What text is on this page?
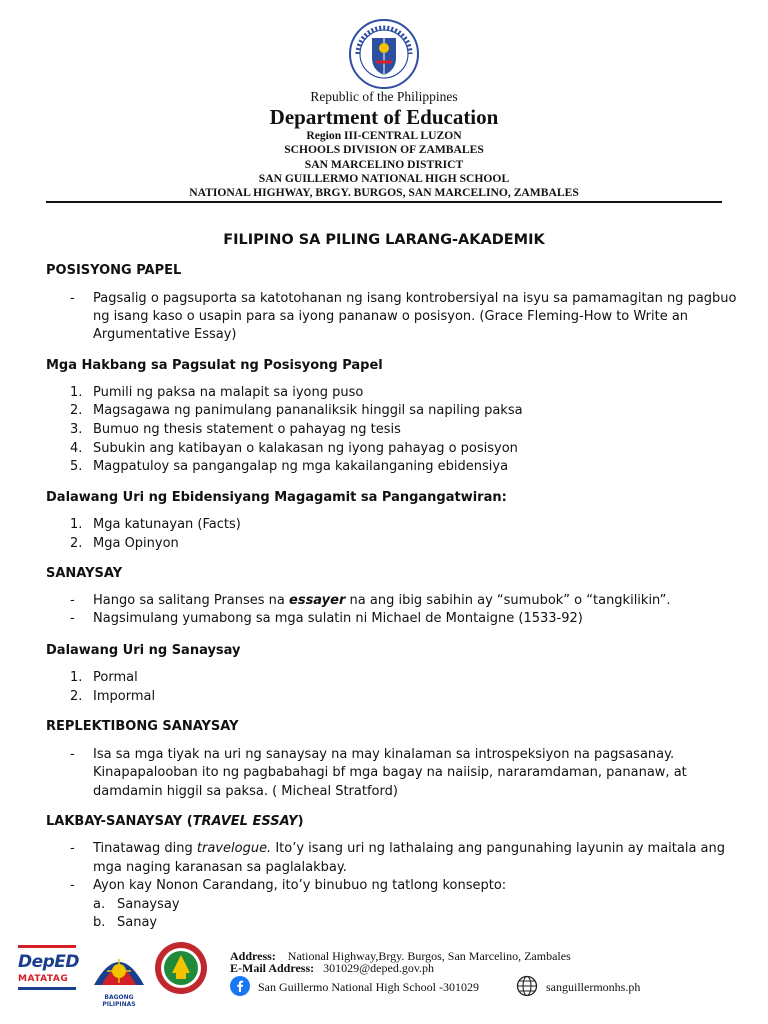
Republic of the Philippines
Department of Education
Region III-CENTRAL LUZON
SCHOOLS DIVISION OF ZAMBALES
SAN MARCELINO DISTRICT
SAN GUILLERMO NATIONAL HIGH SCHOOL
NATIONAL HIGHWAY, BRGY. BURGOS, SAN MARCELINO, ZAMBALES
FILIPINO SA PILING LARANG-AKADEMIK
POSISYONG PAPEL
- Pagsalig o pagsuporta sa katotohanan ng isang kontrobersiyal na isyu sa pamamagitan ng pagbuo
ng isang kaso o usapin para sa iyong pananaw o posisyon. (Grace Fleming-How to Write an
Argumentative Essay)
Mga Hakbang sa Pagsulat ng Posisyong Papel
1. Pumili ng paksa na malapit sa iyong puso
2. Magsagawa ng panimulang pananaliksik hinggil sa napiling paksa
3. Bumuo ng thesis statement o pahayag ng tesis
4. Subukin ang katibayan o kalakasan ng iyong pahayag o posisyon
5. Magpatuloy sa pangangalap ng mga kakailanganing ebidensiya
Dalawang Uri ng Ebidensiyang Magagamit sa Pangangatwiran:
1. Mga katunayan (Facts)
2. Mga Opinyon
SANAYSAY
- Hango sa salitang Pranses na essayer na ang ibig sabihin ay “sumubok” o “tangkilikin”.
- Nagsimulang yumabong sa mga sulatin ni Michael de Montaigne (1533-92)
Dalawang Uri ng Sanaysay
1. Pormal
2. Impormal
REPLEKTIBONG SANAYSAY
- Isa sa mga tiyak na uri ng sanaysay na may kinalaman sa introspeksiyon na pagsasanay.
Kinapapalooban ito ng pagbabahagi bf mga bagay na naiisip, nararamdaman, pananaw, at
damdamin higgil sa paksa. ( Micheal Stratford)
LAKBAY-SANAYSAY (TRAVEL ESSAY)
- Tinatawag ding travelogue. Ito’y isang uri ng lathalaing ang pangunahing layunin ay maitala ang
mga naging karanasan sa paglalakbay.
- Ayon kay Nonon Carandang, ito’y binubuo ng tatlong konsepto:
a. Sanaysay
b. Sanay
DepED
MATATAG
BAGONG PILIPINAS
Address: National Highway,Brgy. Burgos, San Marcelino, Zambales
E-Mail Address: 301029@deped.gov.ph
San Guillermo National High School -301029	sanguillermonhs.ph
